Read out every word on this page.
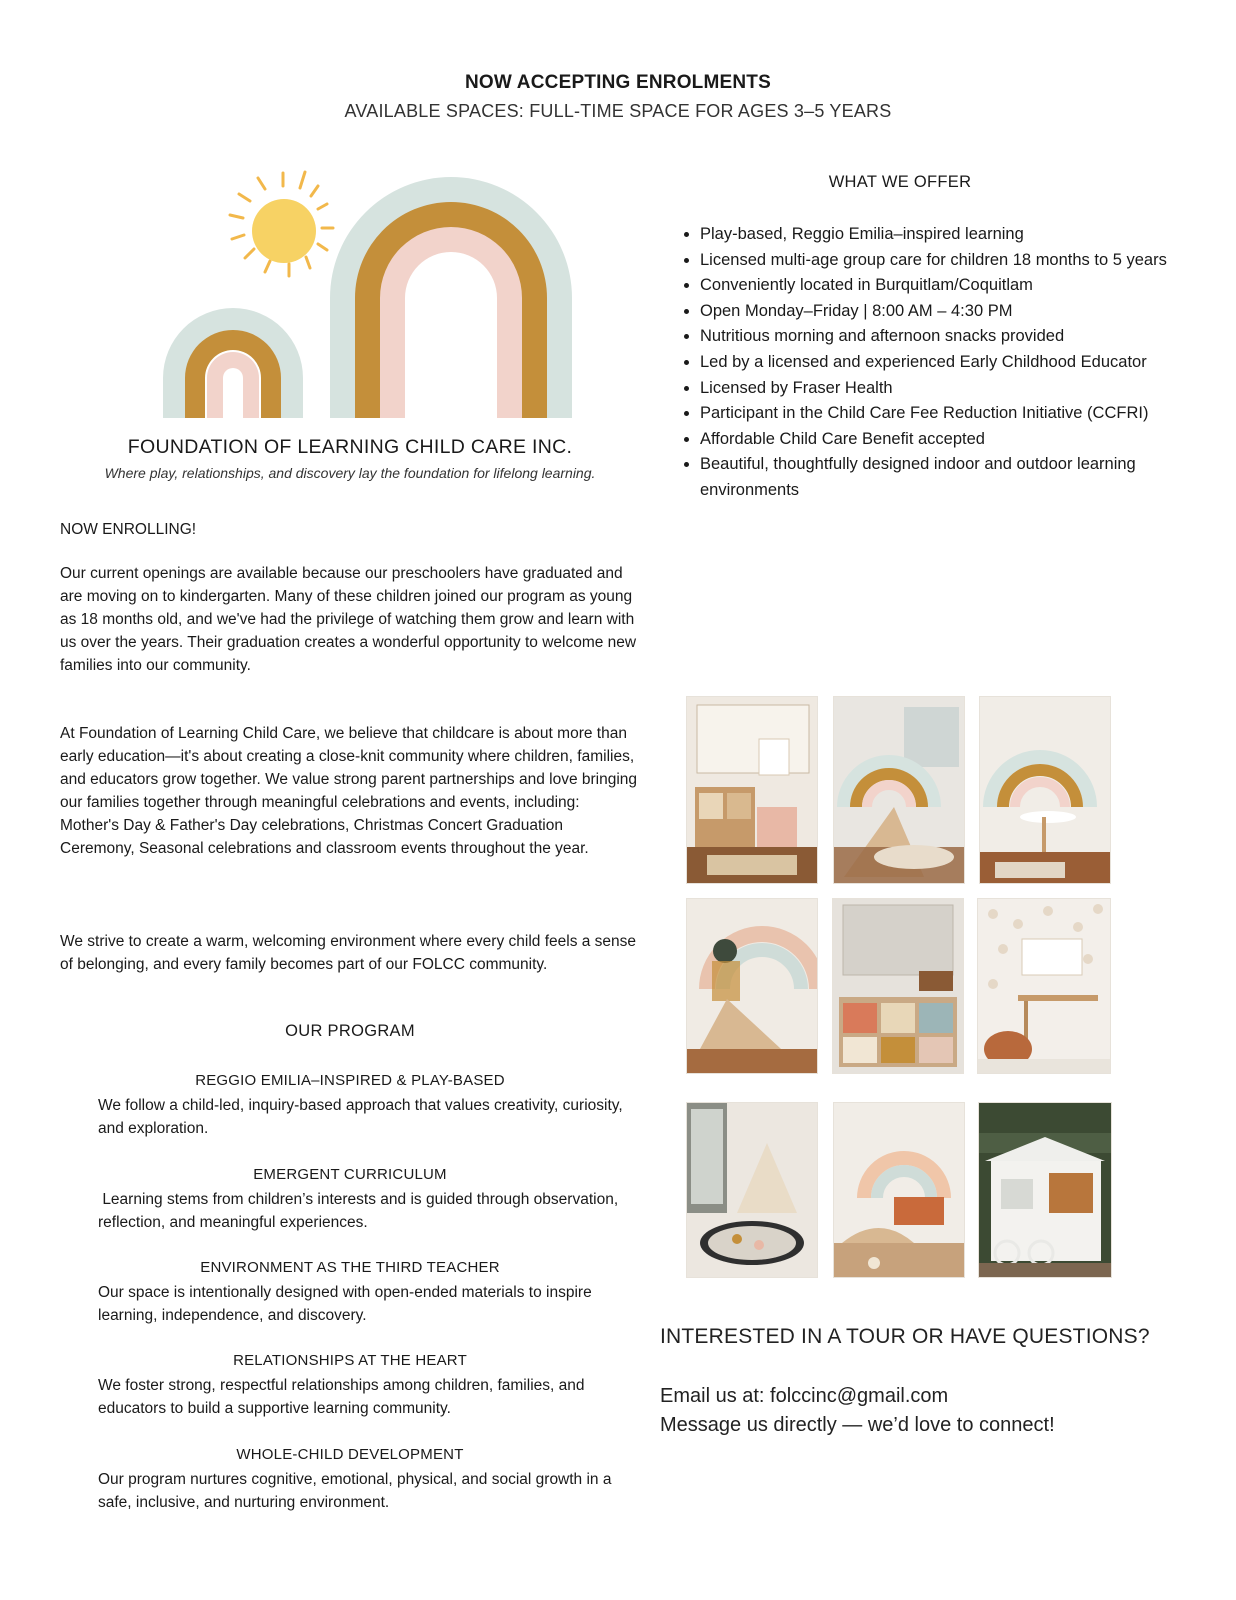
NOW ACCEPTING ENROLMENTS
AVAILABLE SPACES: FULL-TIME SPACE FOR AGES 3–5 YEARS
FOUNDATION OF LEARNING CHILD CARE INC.
Where play, relationships, and discovery lay the foundation for lifelong learning.

NOW ENROLLING!

Our current openings are available because our preschoolers have graduated and are moving on to kindergarten. Many of these children joined our program as young as 18 months old, and we've had the privilege of watching them grow and learn with us over the years. Their graduation creates a wonderful opportunity to welcome new families into our community.

At Foundation of Learning Child Care, we believe that childcare is about more than early education—it's about creating a close-knit community where children, families, and educators grow together. We value strong parent partnerships and love bringing our families together through meaningful celebrations and events, including:

Mother's Day & Father's Day celebrations, Christmas Concert Graduation Ceremony, Seasonal celebrations and classroom events throughout the year.

We strive to create a warm, welcoming environment where every child feels a sense of belonging, and every family becomes part of our FOLCC community.

OUR PROGRAM
REGGIO EMILIA–INSPIRED & PLAY-BASED

We follow a child-led, inquiry-based approach that values creativity, curiosity, and exploration.

EMERGENT CURRICULUM

Learning stems from children’s interests and is guided through observation, reflection, and meaningful experiences.

ENVIRONMENT AS THE THIRD TEACHER

Our space is intentionally designed with open-ended materials to inspire learning, independence, and discovery.

RELATIONSHIPS AT THE HEART

We foster strong, respectful relationships among children, families, and educators to build a supportive learning community.

WHOLE-CHILD DEVELOPMENT

Our program nurtures cognitive, emotional, physical, and social growth in a safe, inclusive, and nurturing environment.

WHAT WE OFFER
• Play-based, Reggio Emilia–inspired learning
• Licensed multi-age group care for children 18 months to 5 years
• Conveniently located in Burquitlam/Coquitlam
• Open Monday–Friday | 8:00 AM – 4:30 PM
• Nutritious morning and afternoon snacks provided
• Led by a licensed and experienced Early Childhood Educator
• Licensed by Fraser Health
• Participant in the Child Care Fee Reduction Initiative (CCFRI)
• Affordable Child Care Benefit accepted
• Beautiful, thoughtfully designed indoor and outdoor learning environments
INTERESTED IN A TOUR OR HAVE QUESTIONS?
Email us at: folccinc@gmail.com
Message us directly — we’d love to connect!
